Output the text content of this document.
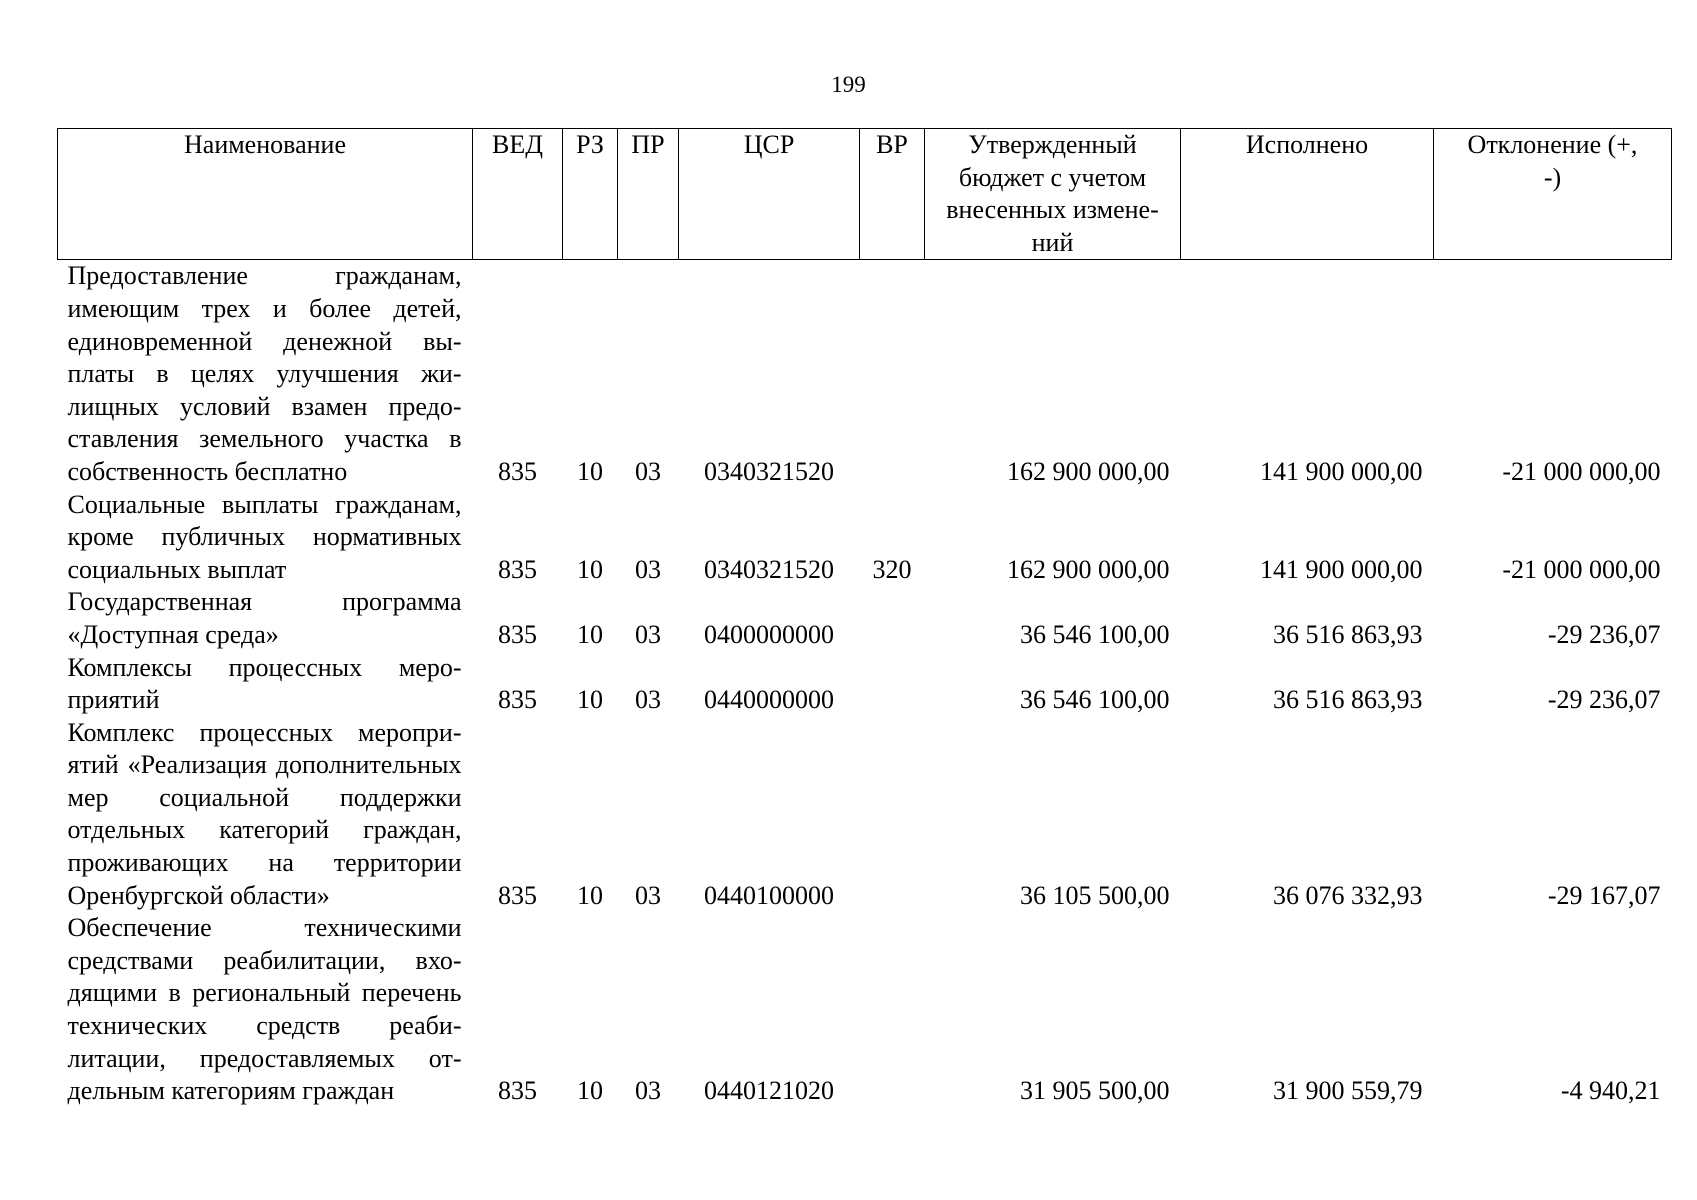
199
Наименование	ВЕД	РЗ	ПР	ЦСР	ВР	Утвержденный бюджет с учетом внесенных измене-ний	Исполнено	Отклонение (+, -)
Предоставление гражданам, имеющим трех и более детей, единовременной денежной выплаты в целях улучшения жилищных условий взамен предоставления земельного участка в собственность бесплатно	835	10	03	0340321520		162 900 000,00	141 900 000,00	-21 000 000,00
Социальные выплаты гражданам, кроме публичных нормативных социальных выплат	835	10	03	0340321520	320	162 900 000,00	141 900 000,00	-21 000 000,00
Государственная программа «Доступная среда»	835	10	03	0400000000		36 546 100,00	36 516 863,93	-29 236,07
Комплексы процессных мероприятий	835	10	03	0440000000		36 546 100,00	36 516 863,93	-29 236,07
Комплекс процессных мероприятий «Реализация дополнительных мер социальной поддержки отдельных категорий граждан, проживающих на территории Оренбургской области»	835	10	03	0440100000		36 105 500,00	36 076 332,93	-29 167,07
Обеспечение техническими средствами реабилитации, входящими в региональный перечень технических средств реабилитации, предоставляемых отдельным категориям граждан	835	10	03	0440121020		31 905 500,00	31 900 559,79	-4 940,21
